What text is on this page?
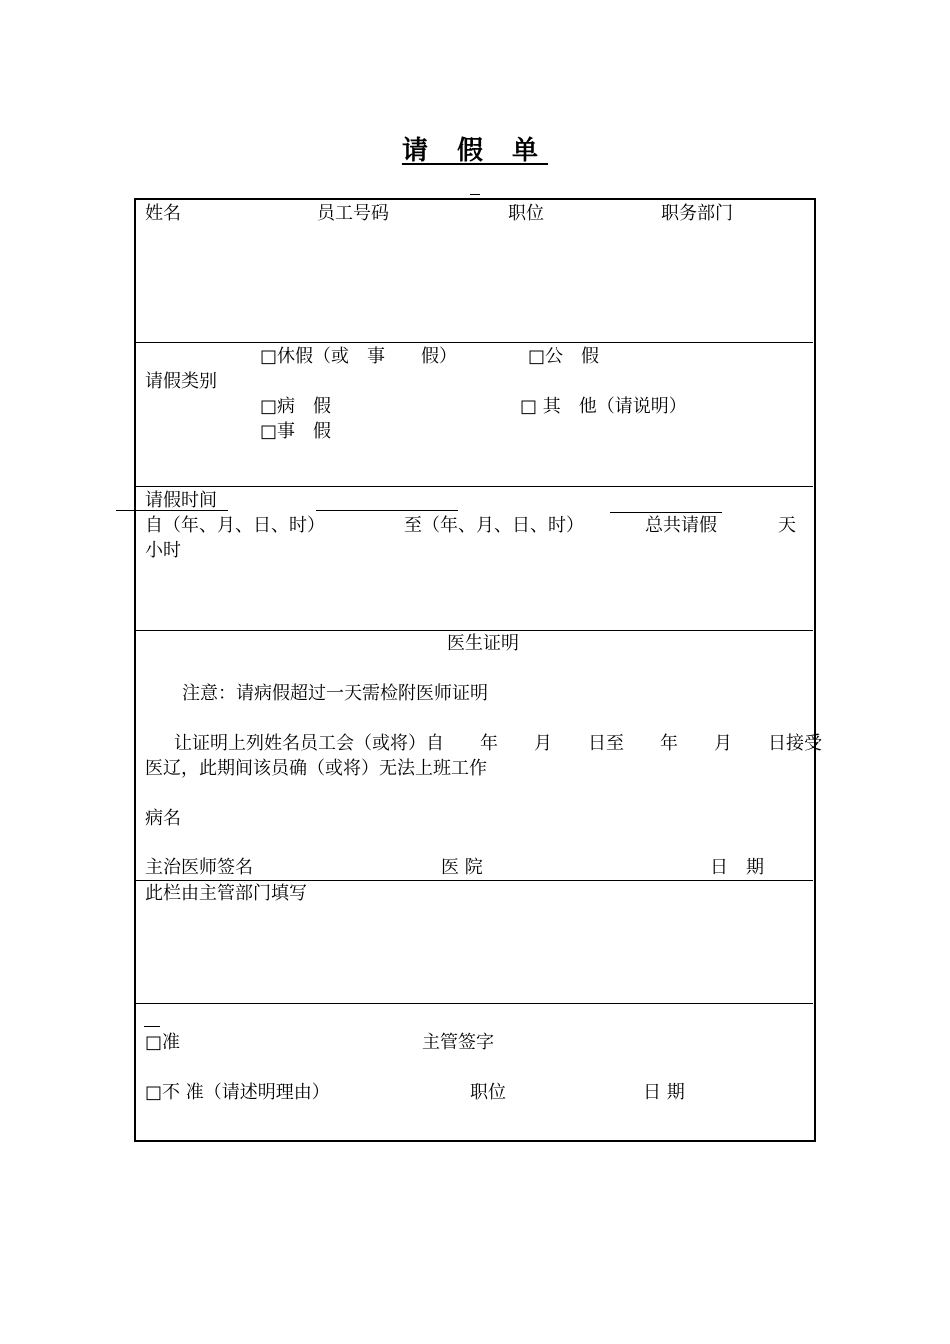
请 假 单
姓名	员工号码	职位	职务部门
□休假（或　事　　假）	□公　假
请假类别
□病　假	□ 其　他（请说明）
□事　假
请假时间
自（年、月、日、时）	至（年、月、日、时）	总共请假	天
小时
医生证明
注意：请病假超过一天需检附医师证明
让证明上列姓名员工会（或将）自　　年　　月　　日至　　年　　月　　日接受
医辽，此期间该员确（或将）无法上班工作
病名
主治医师签名	医 院	日　期
此栏由主管部门填写
□准	主管签字
□不 准（请述明理由）	职位	日 期
